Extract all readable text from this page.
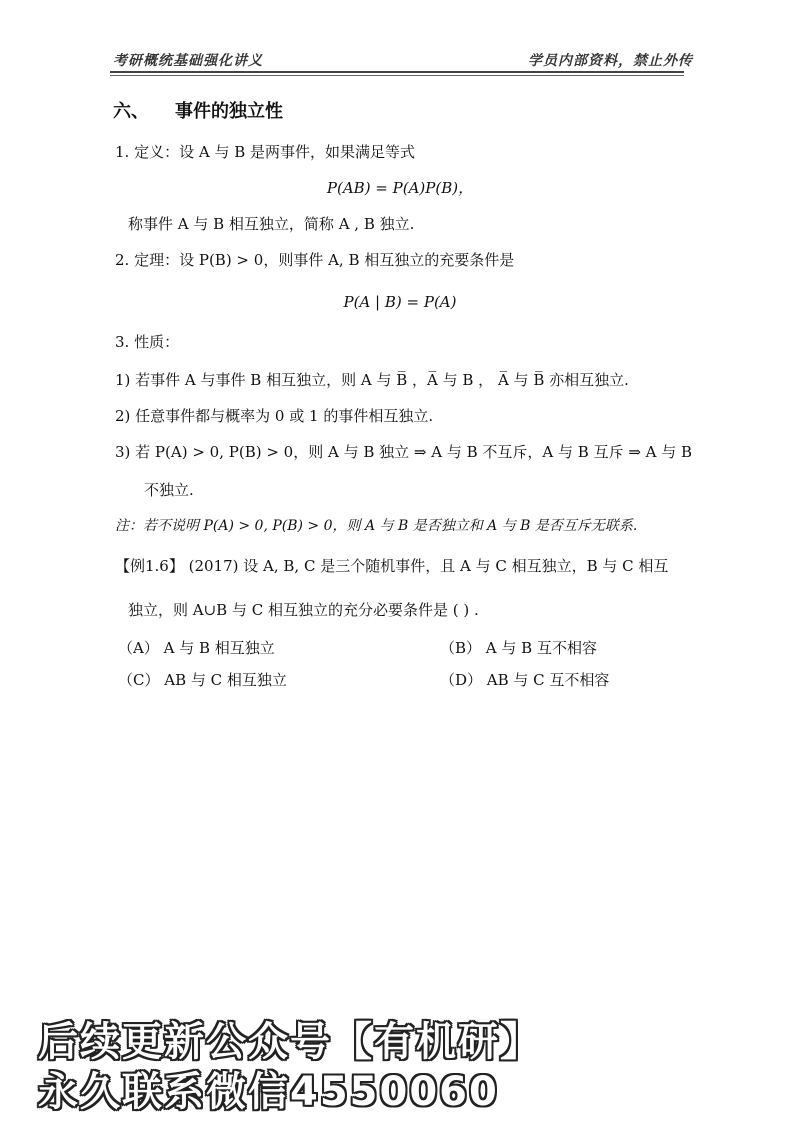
考研概统基础强化讲义	学员内部资料，禁止外传
六、 事件的独立性
1. 定义：设 A 与 B 是两事件，如果满足等式
P(AB) = P(A)P(B)，
称事件 A 与 B 相互独立，简称 A , B 独立.
2. 定理：设 P(B) > 0，则事件 A, B 相互独立的充要条件是
P(A | B) = P(A)
3. 性质：
1) 若事件 A 与事件 B 相互独立，则 A 与 B̅ ，A̅ 与 B ， A̅ 与 B̅ 亦相互独立.
2) 任意事件都与概率为 0 或 1 的事件相互独立.
3) 若 P(A) > 0, P(B) > 0，则 A 与 B 独立 ⇒ A 与 B 不互斥，A 与 B 互斥 ⇒ A 与 B
不独立.
注：若不说明 P(A) > 0, P(B) > 0，则 A 与 B 是否独立和 A 与 B 是否互斥无联系.
【例1.6】 (2017) 设 A, B, C 是三个随机事件，且 A 与 C 相互独立，B 与 C 相互
独立，则 A∪B 与 C 相互独立的充分必要条件是 ( ) .
（A） A 与 B 相互独立	（B） A 与 B 互不相容
（C） AB 与 C 相互独立	（D） AB 与 C 互不相容
后续更新公众号【有机研】
永久联系微信4550060
